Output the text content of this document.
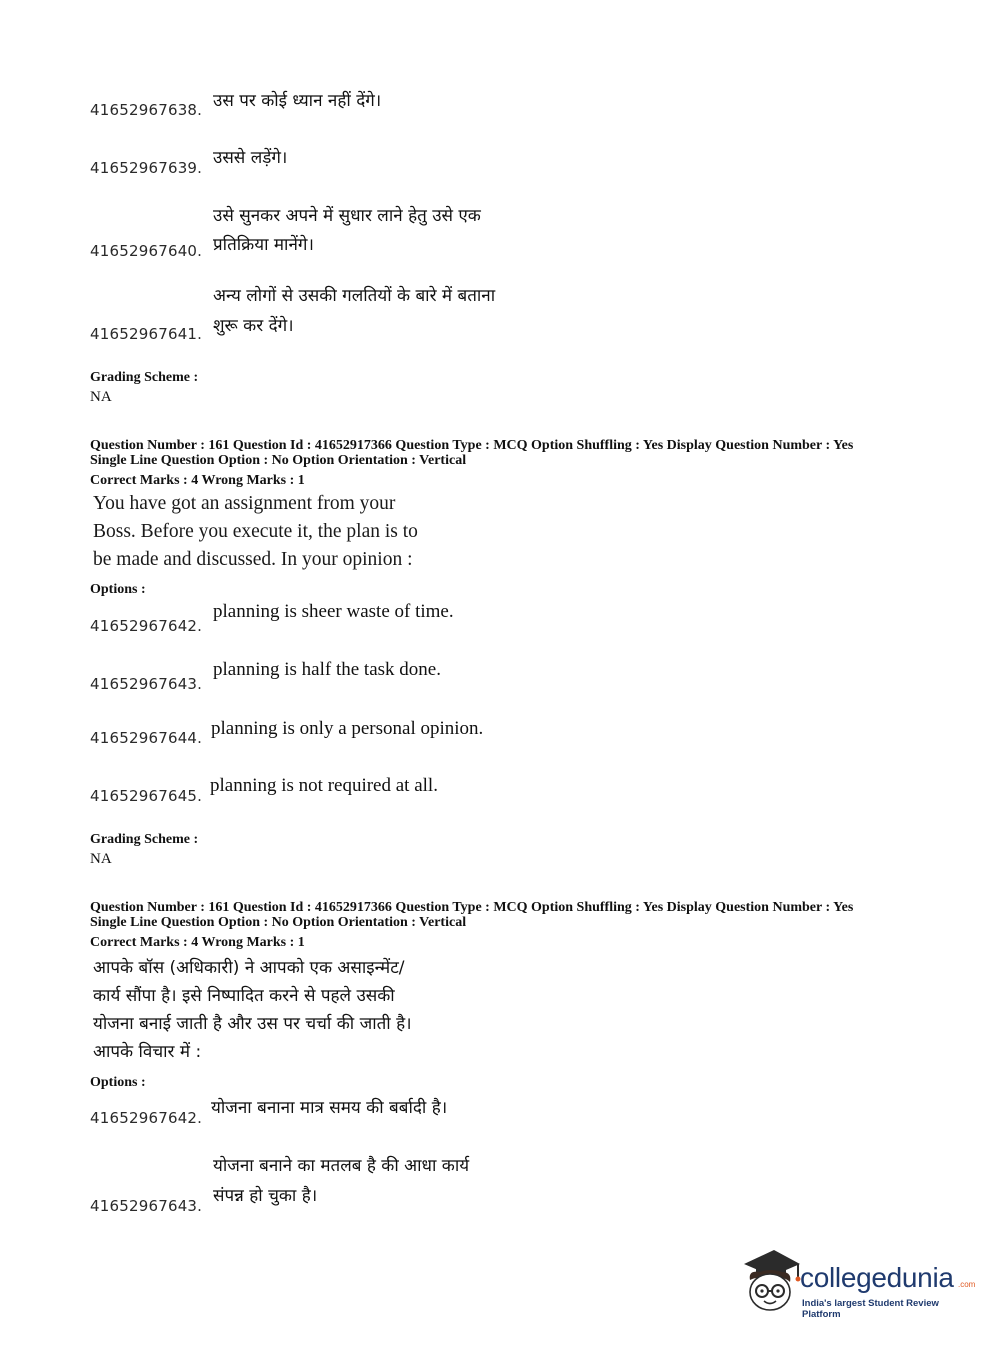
41652967638. उस पर कोई ध्यान नहीं देंगे।
41652967639. उससे लड़ेंगे।
उसे सुनकर अपने में सुधार लाने हेतु उसे एक
41652967640. प्रतिक्रिया मानेंगे।
अन्य लोगों से उसकी गलतियों के बारे में बताना
41652967641. शुरू कर देंगे।
Grading Scheme :
NA
Question Number : 161 Question Id : 41652917366 Question Type : MCQ Option Shuffling : Yes Display Question Number : Yes
Single Line Question Option : No Option Orientation : Vertical
Correct Marks : 4 Wrong Marks : 1
You have got an assignment from your
Boss. Before you execute it, the plan is to
be made and discussed. In your opinion :
Options :
41652967642.
planning is sheer waste of time.
41652967643.
planning is half the task done.
41652967644. planning is only a personal opinion.
41652967645. planning is not required at all.
Grading Scheme :
NA
Question Number : 161 Question Id : 41652917366 Question Type : MCQ Option Shuffling : Yes Display Question Number : Yes
Single Line Question Option : No Option Orientation : Vertical
Correct Marks : 4 Wrong Marks : 1
आपके बॉस (अधिकारी) ने आपको एक असाइन्मेंट/
कार्य सौंपा है। इसे निष्पादित करने से पहले उसकी
योजना बनाई जाती है और उस पर चर्चा की जाती है।
आपके विचार में :
Options :
41652967642. योजना बनाना मात्र समय की बर्बादी है।
योजना बनाने का मतलब है की आधा कार्य
41652967643. संपन्न हो चुका है।
collegedunia .com
India's largest Student Review Platform
